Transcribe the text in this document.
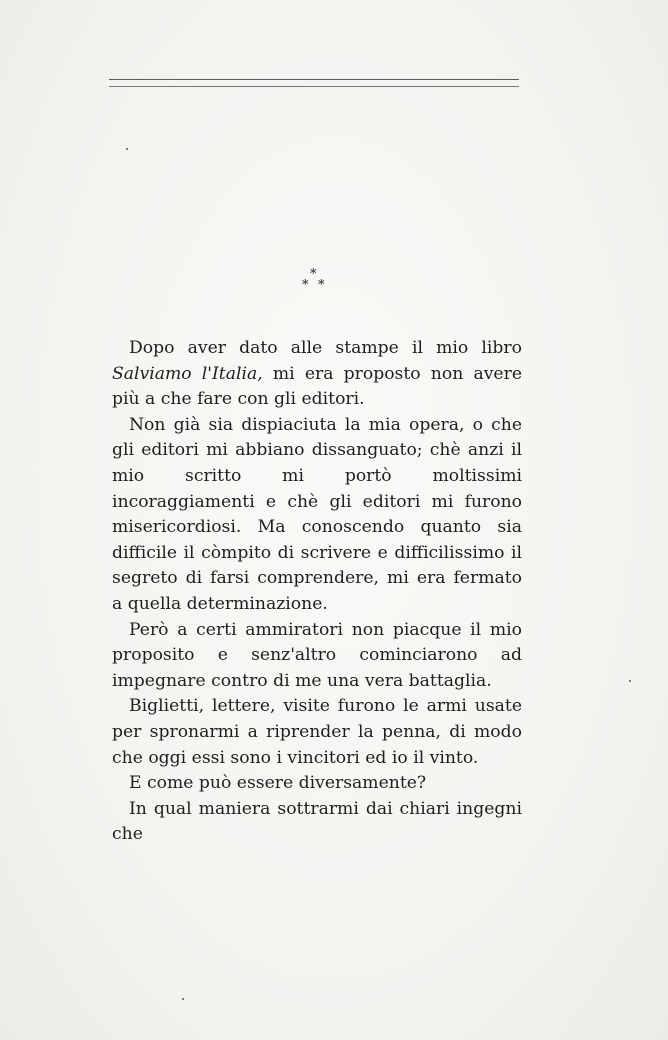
*
* *

Dopo aver dato alle stampe il mio libro Salviamo l'Italia, mi era proposto non avere più a che fare con gli editori.

Non già sia dispiaciuta la mia opera, o che gli editori mi abbiano dissanguato; chè anzi il mio scritto mi portò moltissimi incoraggiamenti e chè gli editori mi furono misericordiosi. Ma conoscendo quanto sia difficile il còmpito di scrivere e difficilissimo il segreto di farsi comprendere, mi era fermato a quella determinazione.

Però a certi ammiratori non piacque il mio proposito e senz'altro cominciarono ad impegnare contro di me una vera battaglia.

Biglietti, lettere, visite furono le armi usate per spronarmi a riprender la penna, di modo che oggi essi sono i vincitori ed io il vinto.

E come può essere diversamente?

In qual maniera sottrarmi dai chiari ingegni che
